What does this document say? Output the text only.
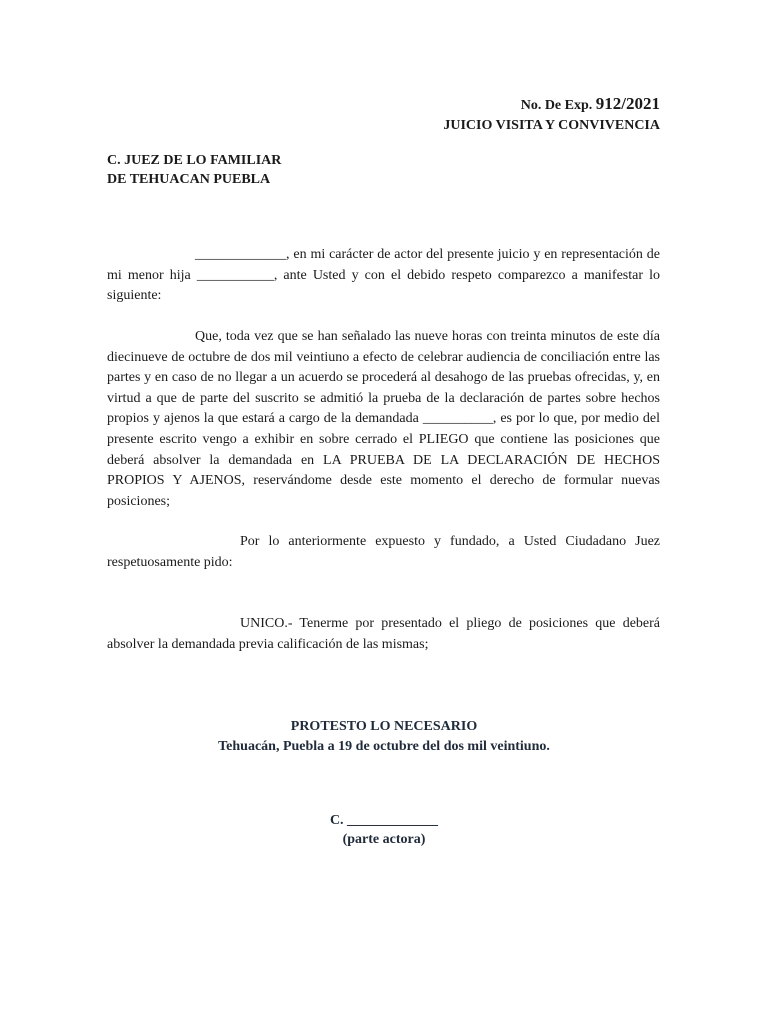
No. De Exp. 912/2021
JUICIO VISITA Y CONVIVENCIA
C. JUEZ DE LO FAMILIAR
DE TEHUACAN PUEBLA

_____________, en mi carácter de actor del presente juicio y en representación de mi menor hija ___________, ante Usted y con el debido respeto comparezco a manifestar lo siguiente:

Que, toda vez que se han señalado las nueve horas con treinta minutos de este día diecinueve de octubre de dos mil veintiuno a efecto de celebrar audiencia de conciliación entre las partes y en caso de no llegar a un acuerdo se procederá al desahogo de las pruebas ofrecidas, y, en virtud a que de parte del suscrito se admitió la prueba de la declaración de partes sobre hechos propios y ajenos la que estará a cargo de la demandada __________, es por lo que, por medio del presente escrito vengo a exhibir en sobre cerrado el PLIEGO que contiene las posiciones que deberá absolver la demandada en LA PRUEBA DE LA DECLARACIÓN DE HECHOS PROPIOS Y AJENOS, reservándome desde este momento el derecho de formular nuevas posiciones;

Por lo anteriormente expuesto y fundado, a Usted Ciudadano Juez respetuosamente pido:

UNICO.- Tenerme por presentado el pliego de posiciones que deberá absolver la demandada previa calificación de las mismas;

PROTESTO LO NECESARIO
Tehuacán, Puebla a 19 de octubre del dos mil veintiuno.
C. _____________
(parte actora)
